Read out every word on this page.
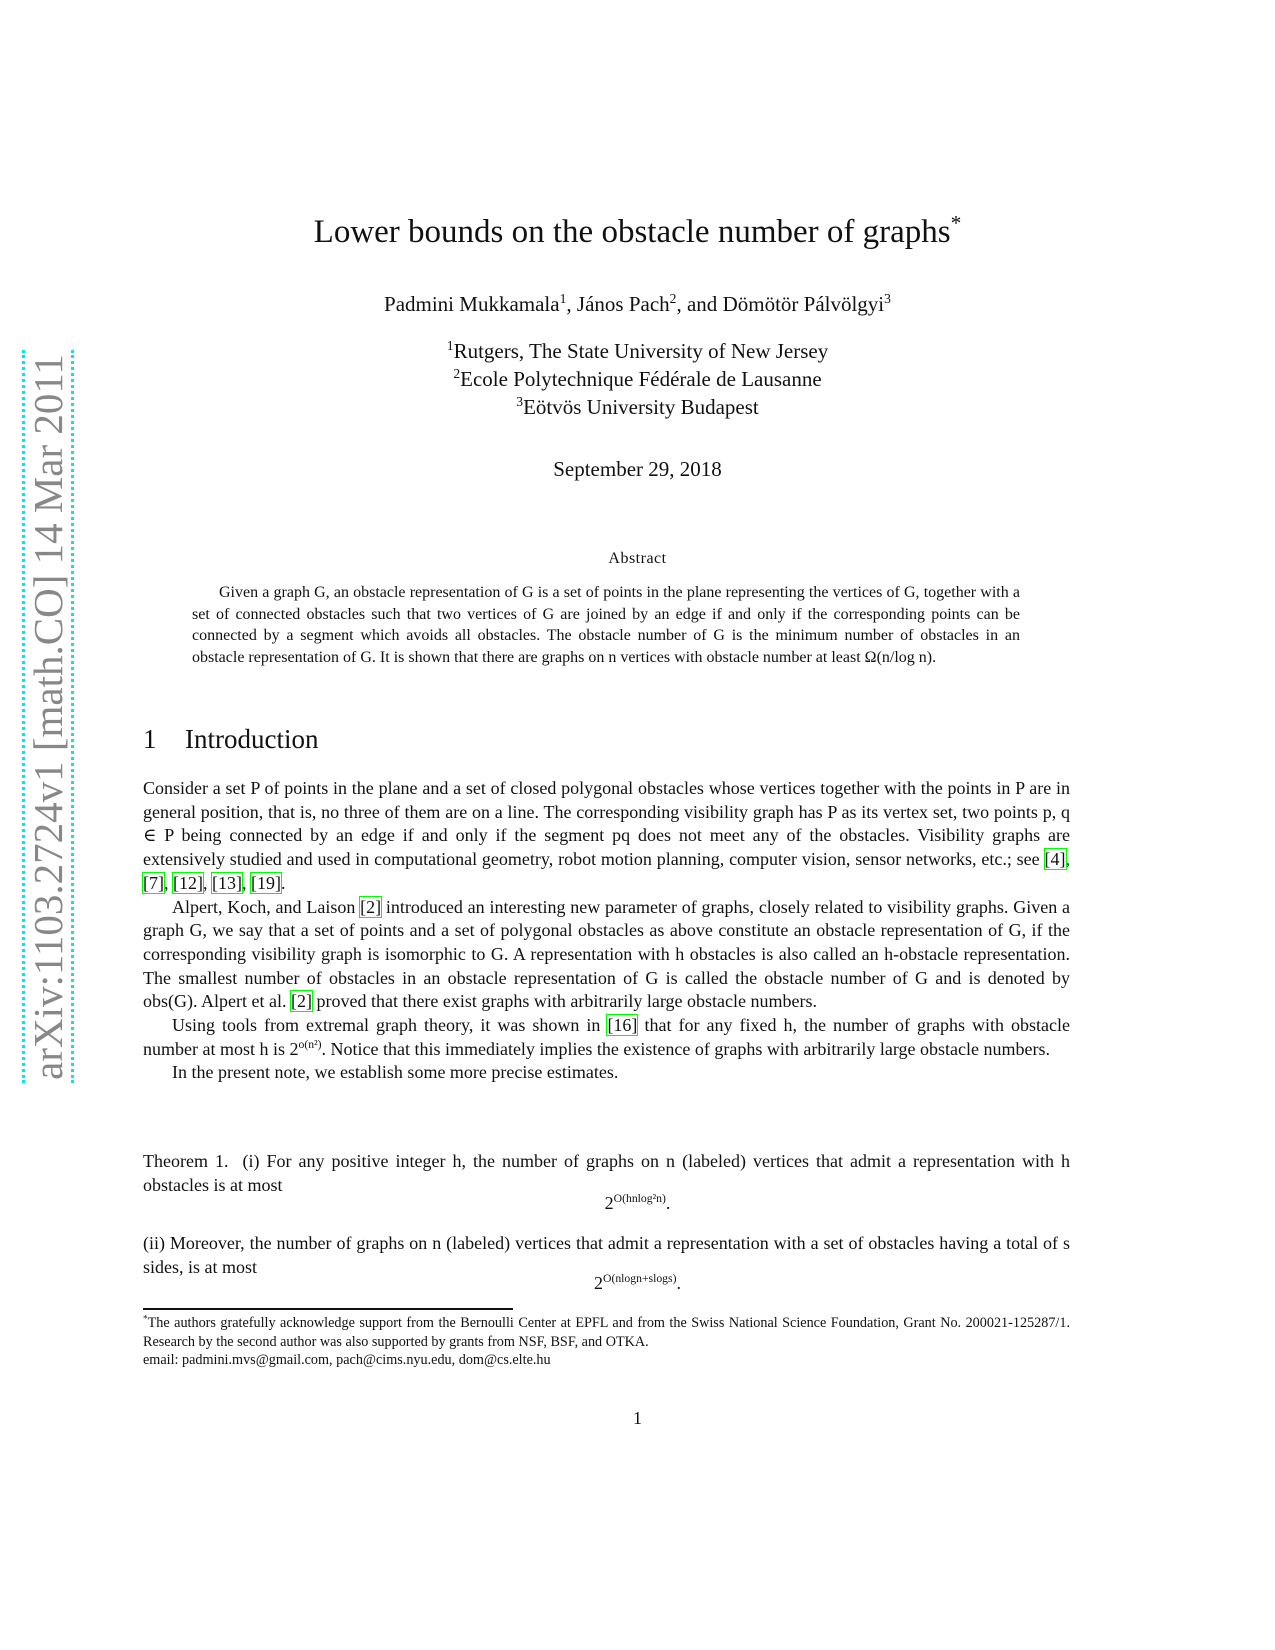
arXiv:1103.2724v1 [math.CO] 14 Mar 2011
Lower bounds on the obstacle number of graphs*
Padmini Mukkamala$^1$, János Pach$^2$, and Dömötör Pálvölgyi$^3$
$^1$Rutgers, The State University of New Jersey
$^2$Ecole Polytechnique Fédérale de Lausanne
$^3$Eötvös University Budapest
September 29, 2018
Abstract
Given a graph G, an obstacle representation of G is a set of points in the plane representing the vertices of G, together with a set of connected obstacles such that two vertices of G are joined by an edge if and only if the corresponding points can be connected by a segment which avoids all obstacles. The obstacle number of G is the minimum number of obstacles in an obstacle representation of G. It is shown that there are graphs on n vertices with obstacle number at least Ω(n/log n).
1 Introduction

Consider a set P of points in the plane and a set of closed polygonal obstacles whose vertices together with the points in P are in general position, that is, no three of them are on a line. The corresponding visibility graph has P as its vertex set, two points p, q ∈ P being connected by an edge if and only if the segment pq does not meet any of the obstacles. Visibility graphs are extensively studied and used in computational geometry, robot motion planning, computer vision, sensor networks, etc.; see [4], [7], [12], [13], [19].

Alpert, Koch, and Laison [2] introduced an interesting new parameter of graphs, closely related to visibility graphs. Given a graph G, we say that a set of points and a set of polygonal obstacles as above constitute an obstacle representation of G, if the corresponding visibility graph is isomorphic to G. A representation with h obstacles is also called an h-obstacle representation. The smallest number of obstacles in an obstacle representation of G is called the obstacle number of G and is denoted by obs(G). Alpert et al. [2] proved that there exist graphs with arbitrarily large obstacle numbers.

Using tools from extremal graph theory, it was shown in [16] that for any fixed h, the number of graphs with obstacle number at most h is $2^{o(n^2)}$. Notice that this immediately implies the existence of graphs with arbitrarily large obstacle numbers.

In the present note, we establish some more precise estimates.

Theorem 1. (i) For any positive integer h, the number of graphs on n (labeled) vertices that admit a representation with h obstacles is at most

$2^{O(hnlog^2n)}$.

(ii) Moreover, the number of graphs on n (labeled) vertices that admit a representation with a set of obstacles having a total of s sides, is at most

$2^{O(nlogn+slogs)}$.

*The authors gratefully acknowledge support from the Bernoulli Center at EPFL and from the Swiss National Science Foundation, Grant No. 200021-125287/1. Research by the second author was also supported by grants from NSF, BSF, and OTKA.

email: padmini.mvs@gmail.com, pach@cims.nyu.edu, dom@cs.elte.hu

1
